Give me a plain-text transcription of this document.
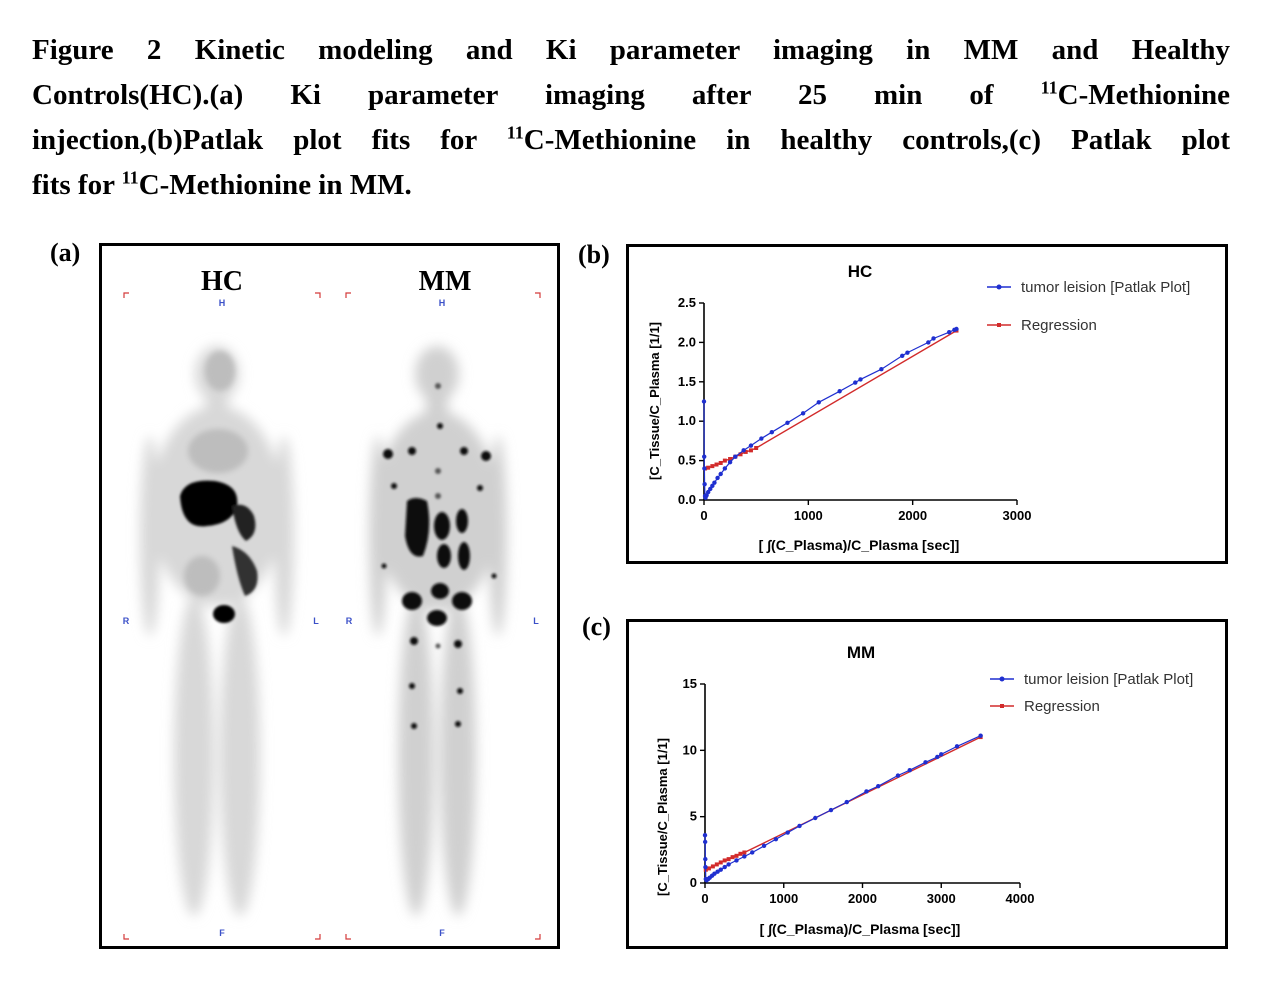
Figure 2 Kinetic modeling and Ki parameter imaging in MM and Healthy
Controls(HC).(a) Ki parameter imaging after 25 min of $^{11}$C-Methionine
injection,(b)Patlak plot fits for $^{11}$C-Methionine in healthy controls,(c) Patlak plot
fits for $^{11}$C-Methionine in MM.
(a)	(b)
(c)
HC	MM
H	H
R	L	R	L
F	F
HC
[C_Tissue/C_Plasma [1/1]
[ ∫(C_Plasma)/C_Plasma [sec]]
tumor leision [Patlak Plot]
Regression
0.0
0.5
1.0
1.5
2.0
2.5
0	1000	2000	3000
MM
[C_Tissue/C_Plasma [1/1]
[ ∫(C_Plasma)/C_Plasma [sec]]
tumor leision [Patlak Plot]
Regression
0
5
10
15
0	1000	2000	3000	4000
